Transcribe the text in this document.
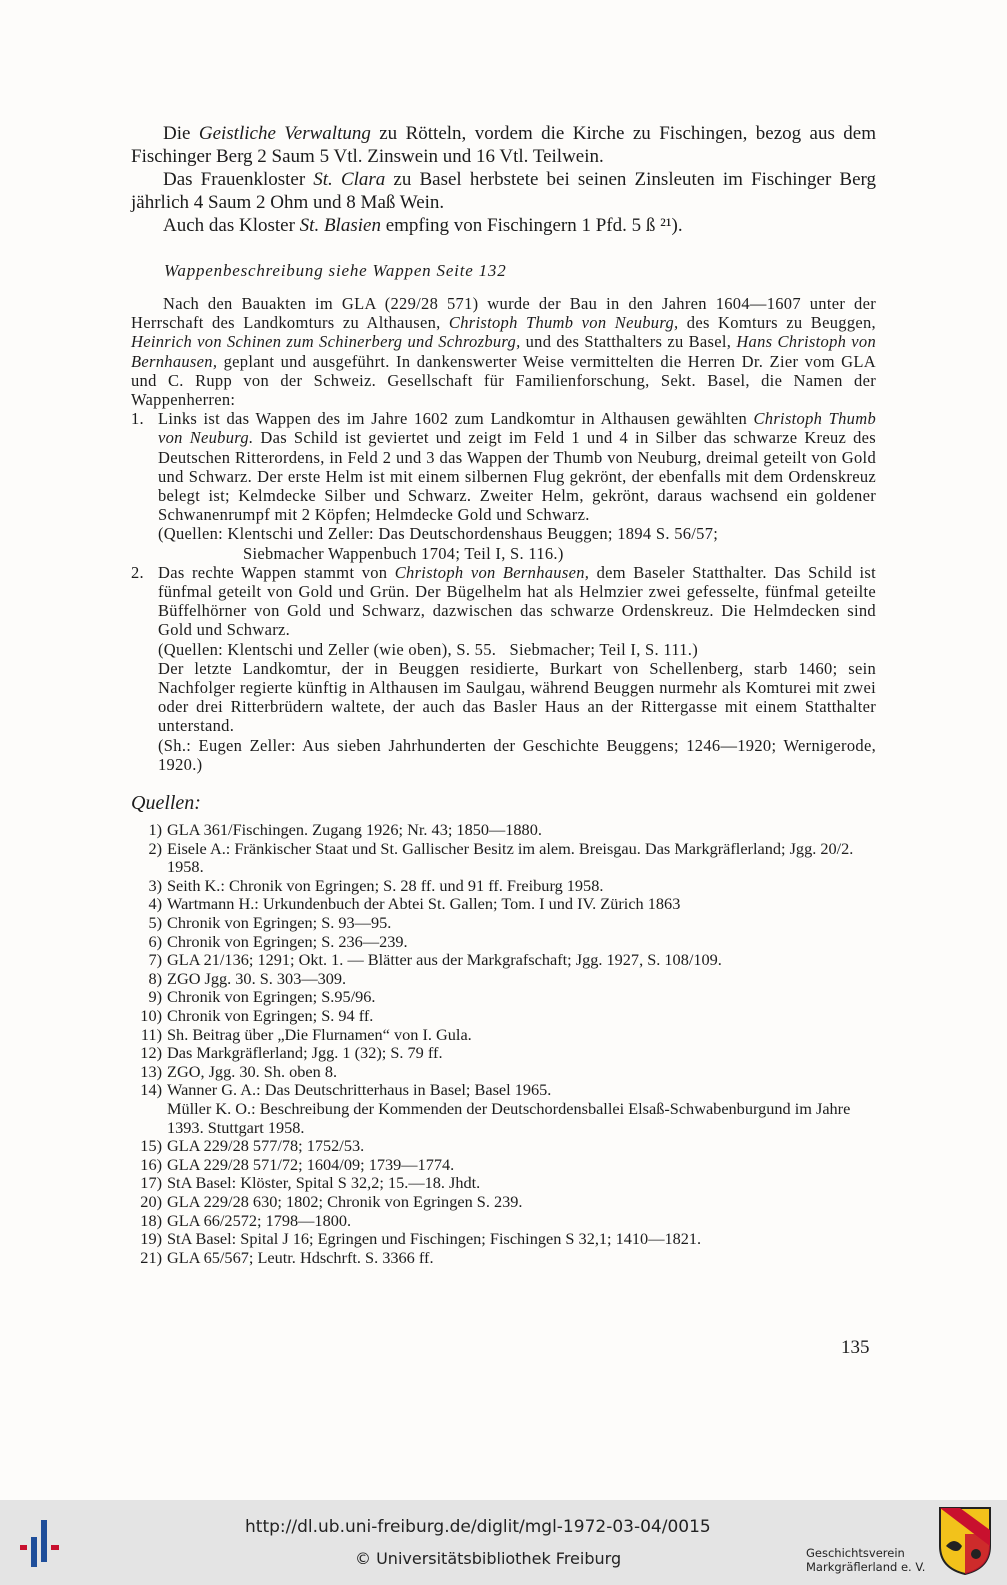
Die Geistliche Verwaltung zu Rötteln, vordem die Kirche zu Fischingen, bezog aus dem Fischinger Berg 2 Saum 5 Vtl. Zinswein und 16 Vtl. Teilwein.

Das Frauenkloster St. Clara zu Basel herbstete bei seinen Zinsleuten im Fischinger Berg jährlich 4 Saum 2 Ohm und 8 Maß Wein.

Auch das Kloster St. Blasien empfing von Fischingern 1 Pfd. 5 ß ²¹).

Wappenbeschreibung siehe Wappen Seite 132

Nach den Bauakten im GLA (229/28 571) wurde der Bau in den Jahren 1604—1607 unter der Herrschaft des Landkomturs zu Althausen, Christoph Thumb von Neuburg, des Komturs zu Beuggen, Heinrich von Schinen zum Schinerberg und Schrozburg, und des Statthalters zu Basel, Hans Christoph von Bernhausen, geplant und ausgeführt. In dankenswerter Weise vermittelten die Herren Dr. Zier vom GLA und C. Rupp von der Schweiz. Gesellschaft für Familienforschung, Sekt. Basel, die Namen der Wappenherren:

1. Links ist das Wappen des im Jahre 1602 zum Landkomtur in Althausen gewählten Christoph Thumb von Neuburg. Das Schild ist geviertet und zeigt im Feld 1 und 4 in Silber das schwarze Kreuz des Deutschen Ritterordens, in Feld 2 und 3 das Wappen der Thumb von Neuburg, dreimal geteilt von Gold und Schwarz. Der erste Helm ist mit einem silbernen Flug gekrönt, der ebenfalls mit dem Ordenskreuz belegt ist; Kelmdecke Silber und Schwarz. Zweiter Helm, gekrönt, daraus wachsend ein goldener Schwanenrumpf mit 2 Köpfen; Helmdecke Gold und Schwarz.

(Quellen: Klentschi und Zeller: Das Deutschordenshaus Beuggen; 1894 S. 56/57;

Siebmacher Wappenbuch 1704; Teil I, S. 116.)

2. Das rechte Wappen stammt von Christoph von Bernhausen, dem Baseler Statthalter. Das Schild ist fünfmal geteilt von Gold und Grün. Der Bügelhelm hat als Helmzier zwei gefesselte, fünfmal geteilte Büffelhörner von Gold und Schwarz, dazwischen das schwarze Ordenskreuz. Die Helmdecken sind Gold und Schwarz.

(Quellen: Klentschi und Zeller (wie oben), S. 55.   Siebmacher; Teil I, S. 111.)

Der letzte Landkomtur, der in Beuggen residierte, Burkart von Schellenberg, starb 1460; sein Nachfolger regierte künftig in Althausen im Saulgau, während Beuggen nurmehr als Komturei mit zwei oder drei Ritterbrüdern waltete, der auch das Basler Haus an der Rittergasse mit einem Statthalter unterstand.

(Sh.: Eugen Zeller: Aus sieben Jahrhunderten der Geschichte Beuggens; 1246—1920; Wernigerode, 1920.)

Quellen:

1) GLA 361/Fischingen. Zugang 1926; Nr. 43; 1850—1880.
2) Eisele A.: Fränkischer Staat und St. Gallischer Besitz im alem. Breisgau. Das Markgräflerland; Jgg. 20/2. 1958.
3) Seith K.: Chronik von Egringen; S. 28 ff. und 91 ff. Freiburg 1958.
4) Wartmann H.: Urkundenbuch der Abtei St. Gallen; Tom. I und IV. Zürich 1863
5) Chronik von Egringen; S. 93—95.
6) Chronik von Egringen; S. 236—239.
7) GLA 21/136; 1291; Okt. 1. — Blätter aus der Markgrafschaft; Jgg. 1927, S. 108/109.
8) ZGO Jgg. 30. S. 303—309.
9) Chronik von Egringen; S.95/96.
10) Chronik von Egringen; S. 94 ff.
11) Sh. Beitrag über „Die Flurnamen“ von I. Gula.
12) Das Markgräflerland; Jgg. 1 (32); S. 79 ff.
13) ZGO, Jgg. 30. Sh. oben 8.
14) Wanner G. A.: Das Deutschritterhaus in Basel; Basel 1965.
Müller K. O.: Beschreibung der Kommenden der Deutschordensballei Elsaß-Schwabenburgund im Jahre 1393. Stuttgart 1958.
15) GLA 229/28 577/78; 1752/53.
16) GLA 229/28 571/72; 1604/09; 1739—1774.
17) StA Basel: Klöster, Spital S 32,2; 15.—18. Jhdt.
20) GLA 229/28 630; 1802; Chronik von Egringen S. 239.
18) GLA 66/2572; 1798—1800.
19) StA Basel: Spital J 16; Egringen und Fischingen; Fischingen S 32,1; 1410—1821.
21) GLA 65/567; Leutr. Hdschrft. S. 3366 ff.
135
http://dl.ub.uni-freiburg.de/diglit/mgl-1972-03-04/0015
© Universitätsbibliothek Freiburg	Geschichtsverein
Markgräflerland e. V.
